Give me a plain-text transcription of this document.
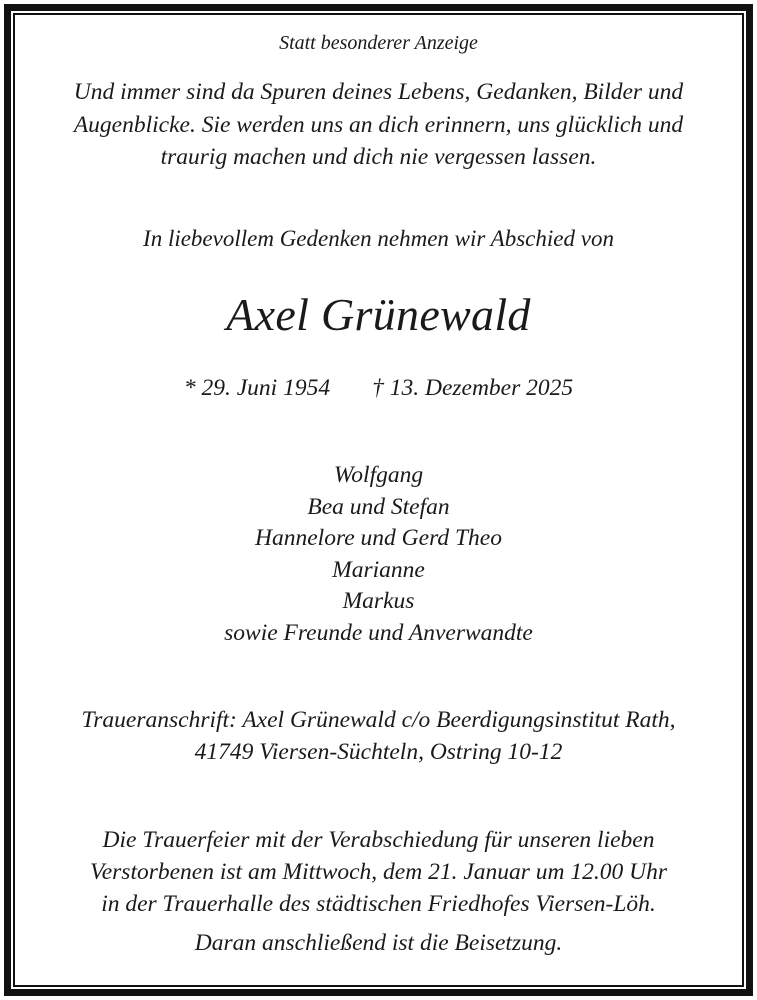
Statt besonderer Anzeige

Und immer sind da Spuren deines Lebens, Gedanken, Bilder und
Augenblicke. Sie werden uns an dich erinnern, uns glücklich und
traurig machen und dich nie vergessen lassen.

In liebevollem Gedenken nehmen wir Abschied von

Axel Grünewald

* 29. Juni 1954 † 13. Dezember 2025

Wolfgang
Bea und Stefan
Hannelore und Gerd Theo
Marianne
Markus
sowie Freunde und Anverwandte
Traueranschrift: Axel Grünewald c/o Beerdigungsinstitut Rath,
41749 Viersen-Süchteln, Ostring 10-12
Die Trauerfeier mit der Verabschiedung für unseren lieben
Verstorbenen ist am Mittwoch, dem 21. Januar um 12.00 Uhr
in der Trauerhalle des städtischen Friedhofes Viersen-Löh.

Daran anschließend ist die Beisetzung.
